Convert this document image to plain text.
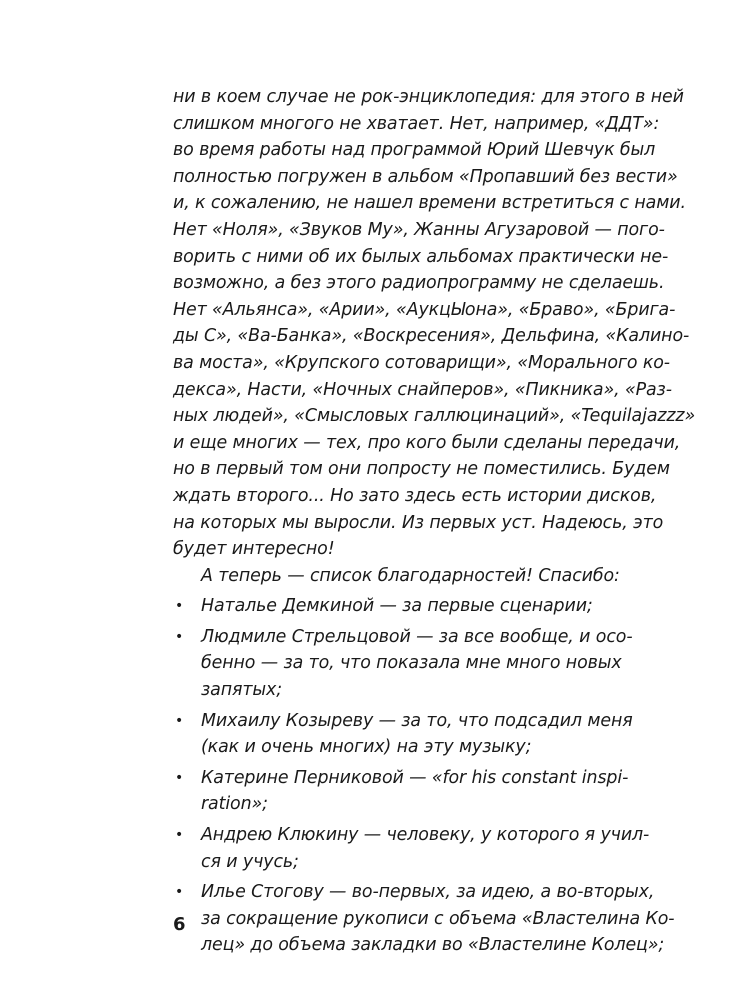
ни в коем случае не рок-энциклопедия: для этого в ней
слишком многого не хватает. Нет, например, «ДДТ»:
во время работы над программой Юрий Шевчук был
полностью погружен в альбом «Пропавший без вести»
и, к сожалению, не нашел времени встретиться с нами.
Нет «Ноля», «Звуков Му», Жанны Агузаровой — пого-
ворить с ними об их былых альбомах практически не-
возможно, а без этого радиопрограмму не сделаешь.
Нет «Альянса», «Арии», «АукцЫона», «Браво», «Брига-
ды С», «Ва-Банка», «Воскресения», Дельфина, «Калино-
ва моста», «Крупского сотоварищи», «Морального ко-
декса», Насти, «Ночных снайперов», «Пикника», «Раз-
ных людей», «Смысловых галлюцинаций», «Tequilajazzz»
и еще многих — тех, про кого были сделаны передачи,
но в первый том они попросту не поместились. Будем
ждать второго... Но зато здесь есть истории дисков,
на которых мы выросли. Из первых уст. Надеюсь, это
будет интересно!
А теперь — список благодарностей! Спасибо:
•	Наталье Демкиной — за первые сценарии;
•	Людмиле Стрельцовой — за все вообще, и осо-
бенно — за то, что показала мне много новых
запятых;
•	Михаилу Козыреву — за то, что подсадил меня
(как и очень многих) на эту музыку;
•	Катерине Перниковой — «for his constant inspi-
ration»;
•	Андрею Клюкину — человеку, у которого я учил-
ся и учусь;
•	Илье Стогову — во-первых, за идею, а во-вторых,
за сокращение рукописи с объема «Властелина Ко-
лец» до объема закладки во «Властелине Колец»;
6
